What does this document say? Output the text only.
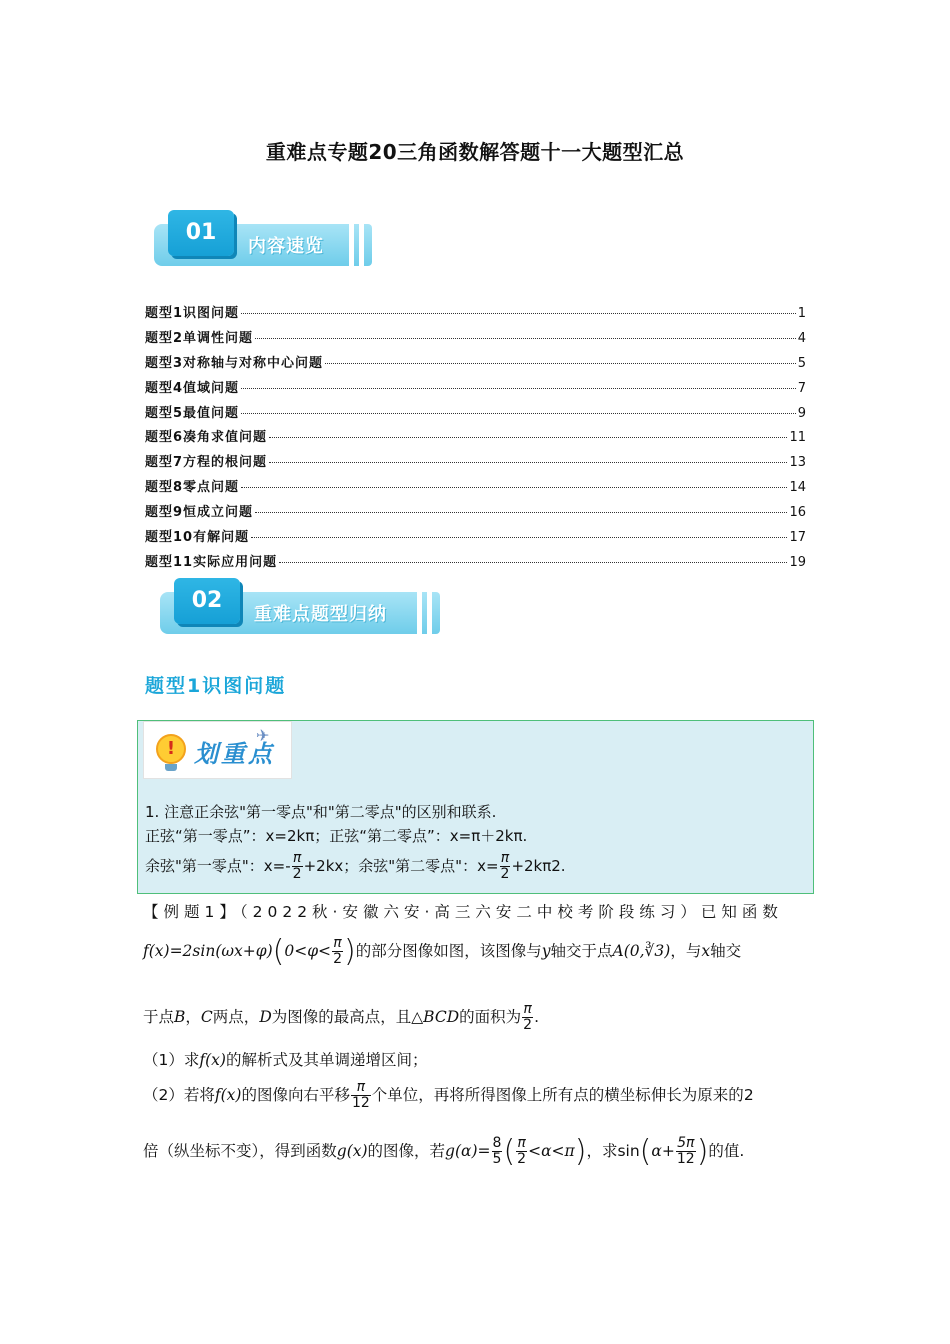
重难点专题20三角函数解答题十一大题型汇总
01
内容速览
题型1识图问题	1
题型2单调性问题	4
题型3对称轴与对称中心问题	5
题型4值域问题	7
题型5最值问题	9
题型6凑角求值问题	11
题型7方程的根问题	13
题型8零点问题	14
题型9恒成立问题	16
题型10有解问题	17
题型11实际应用问题	19
02
重难点题型归纳
题型1识图问题
! 划重点
✈
1. 注意正余弦"第一零点"和"第二零点"的区别和联系.
正弦“第一零点”：x=2kπ；正弦“第二零点”：x=π＋2kπ.
余弦"第一零点"：$x=- \frac{\pi}{2} +2kx$；余弦"第二零点"：$x= \frac{\pi}{2} +2k\pi 2$.
【例题1】（2022秋·安徽六安·高三六安二中校考阶段练习）已知函数
$f(x)=2\sin(\omega x+\varphi)(0<\varphi< \frac{\pi}{2}$ )的部分图像如图，该图像与y轴交于点A(0,∛3)，与x轴交
于点B，C两点，D为图像的最高点，且△BCD的面积为 $\frac{\pi}{2}$ .
（1）求f(x)的解析式及其单调递增区间；
（2）若将f(x)的图像向右平移 $\frac{\pi}{12}$ 个单位，再将所得图像上所有点的横坐标伸长为原来的2
倍（纵坐标不变），得到函数g(x)的图像，若$g(\alpha)= \frac{8}{5}$ ( $\frac{\pi}{2} <\alpha<\pi$)，求$\sin(\alpha+ \frac{5\pi}{12}$ )的值.
